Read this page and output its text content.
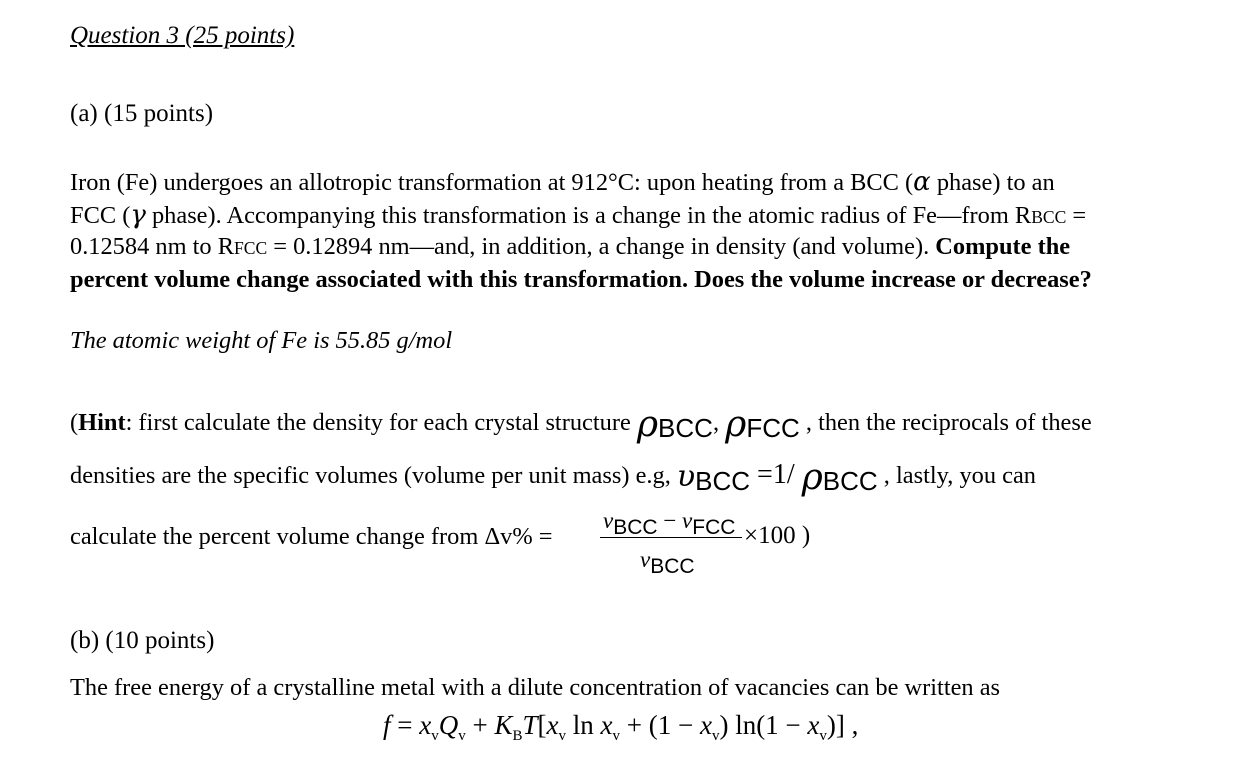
Question 3 (25 points)
(a) (15 points)
Iron (Fe) undergoes an allotropic transformation at 912°C: upon heating from a BCC (α phase) to an
FCC (γ phase). Accompanying this transformation is a change in the atomic radius of Fe—from RBCC =
0.12584 nm to RFCC = 0.12894 nm—and, in addition, a change in density (and volume). Compute the
percent volume change associated with this transformation. Does the volume increase or decrease?
The atomic weight of Fe is 55.85 g/mol
(Hint: first calculate the density for each crystal structure ρBCC, ρFCC , then the reciprocals of these
densities are the specific volumes (volume per unit mass) e.g, υBCC =1/ ρBCC , lastly, you can
calculate the percent volume change from Δv% =
vBCC − vFCC
vBCC
×100 )
(b) (10 points)
The free energy of a crystalline metal with a dilute concentration of vacancies can be written as
$f = x_vQ_v + K_BT[x_v$ $\ln x_v + (1 - x_v) \ln(1 - x_v)$] ,
